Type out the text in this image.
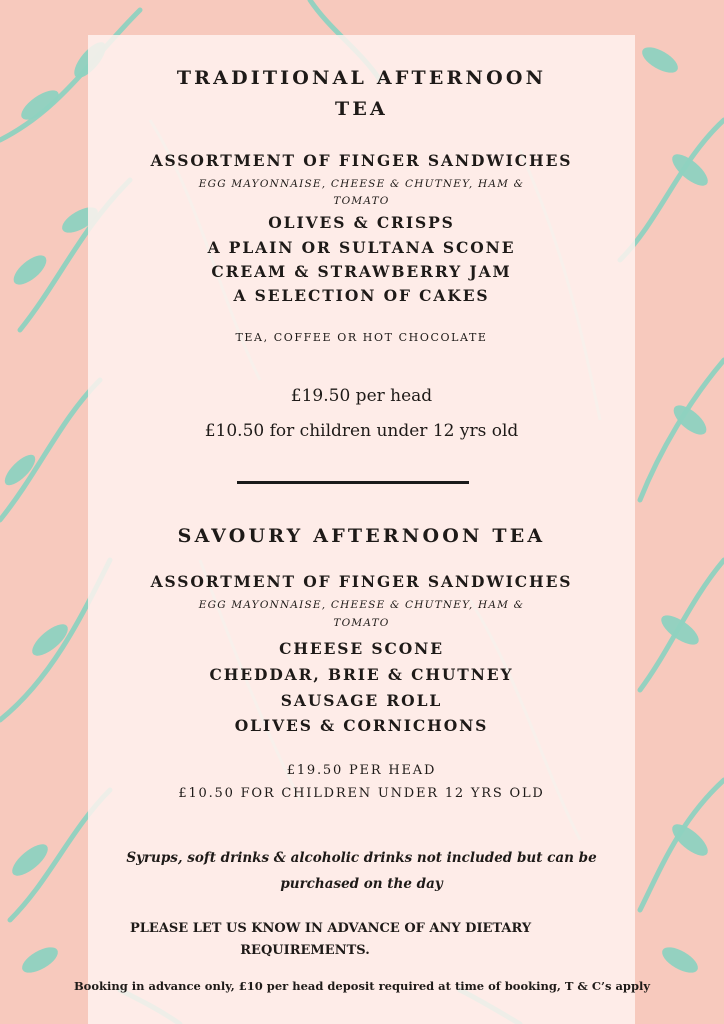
TRADITIONAL AFTERNOON
TEA
ASSORTMENT OF FINGER SANDWICHES
EGG MAYONNAISE, CHEESE & CHUTNEY, HAM &
TOMATO
OLIVES & CRISPS
A PLAIN OR SULTANA SCONE
CREAM & STRAWBERRY JAM
A SELECTION OF CAKES
TEA, COFFEE OR HOT CHOCOLATE
£19.50 per head
£10.50 for children under 12 yrs old
SAVOURY AFTERNOON TEA
ASSORTMENT OF FINGER SANDWICHES
EGG MAYONNAISE, CHEESE & CHUTNEY, HAM &
TOMATO
CHEESE SCONE
CHEDDAR, BRIE & CHUTNEY
SAUSAGE ROLL
OLIVES & CORNICHONS
£19.50 PER HEAD
£10.50 FOR CHILDREN UNDER 12 YRS OLD
Syrups, soft drinks & alcoholic drinks not included but can be
purchased on the day
PLEASE LET US KNOW IN ADVANCE OF ANY DIETARY
REQUIREMENTS.
Booking in advance only, £10 per head deposit required at time of booking, T & C’s apply
